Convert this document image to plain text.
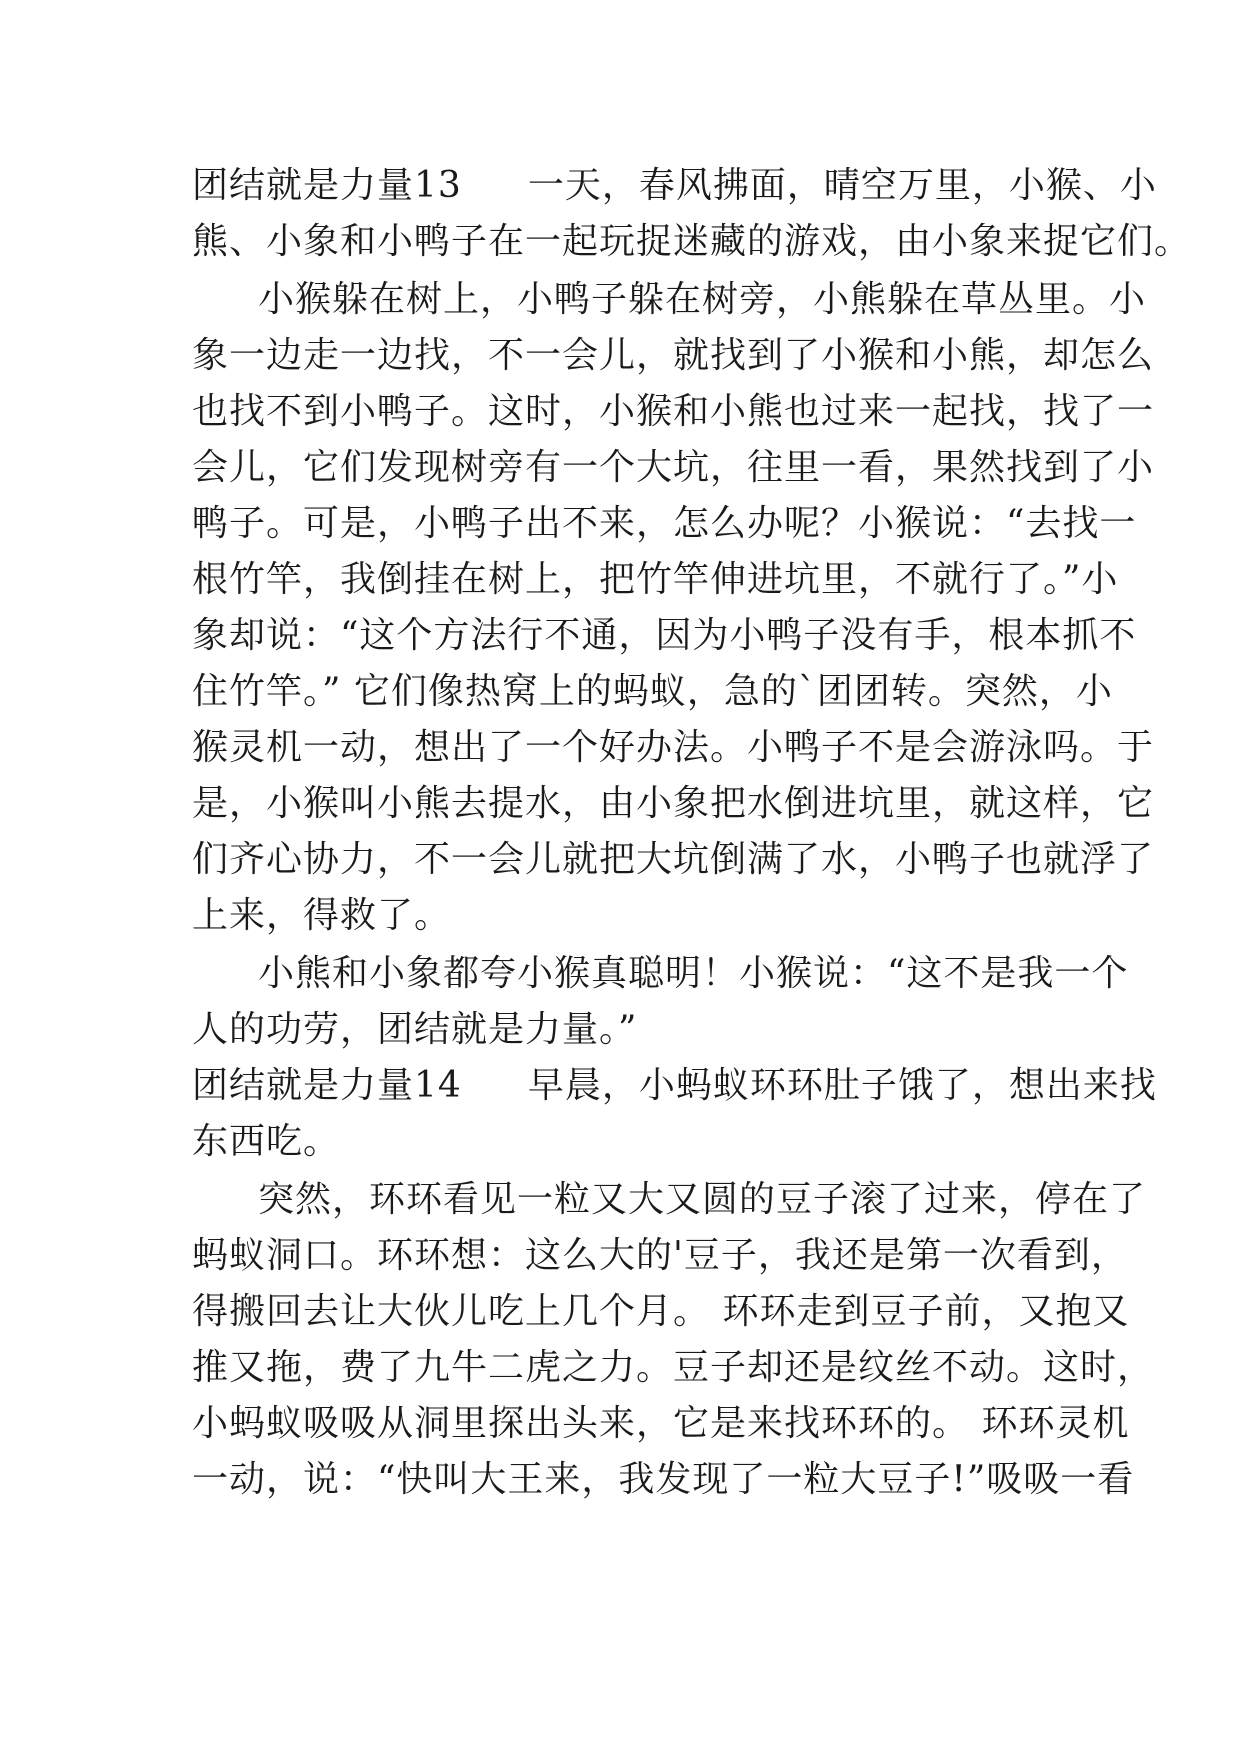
团结就是力量13 一天，春风拂面，晴空万里，小猴、小
熊、小象和小鸭子在一起玩捉迷藏的游戏，由小象来捉它们。
小猴躲在树上，小鸭子躲在树旁，小熊躲在草丛里。小
象一边走一边找，不一会儿，就找到了小猴和小熊，却怎么
也找不到小鸭子。这时，小猴和小熊也过来一起找，找了一
会儿，它们发现树旁有一个大坑，往里一看，果然找到了小
鸭子。可是，小鸭子出不来，怎么办呢？小猴说：“去找一
根竹竿，我倒挂在树上，把竹竿伸进坑里，不就行了。”小
象却说：“这个方法行不通，因为小鸭子没有手，根本抓不
住竹竿。” 它们像热窝上的蚂蚁，急的`团团转。突然，小
猴灵机一动，想出了一个好办法。小鸭子不是会游泳吗。于
是，小猴叫小熊去提水，由小象把水倒进坑里，就这样，它
们齐心协力，不一会儿就把大坑倒满了水，小鸭子也就浮了
上来，得救了。
小熊和小象都夸小猴真聪明！小猴说：“这不是我一个
人的功劳，团结就是力量。”
团结就是力量14 早晨，小蚂蚁环环肚子饿了，想出来找
东西吃。
突然，环环看见一粒又大又圆的豆子滚了过来，停在了
蚂蚁洞口。环环想：这么大的'豆子，我还是第一次看到，
得搬回去让大伙儿吃上几个月。 环环走到豆子前，又抱又
推又拖，费了九牛二虎之力。豆子却还是纹丝不动。这时，
小蚂蚁吸吸从洞里探出头来，它是来找环环的。 环环灵机
一动，说：“快叫大王来，我发现了一粒大豆子!”吸吸一看
